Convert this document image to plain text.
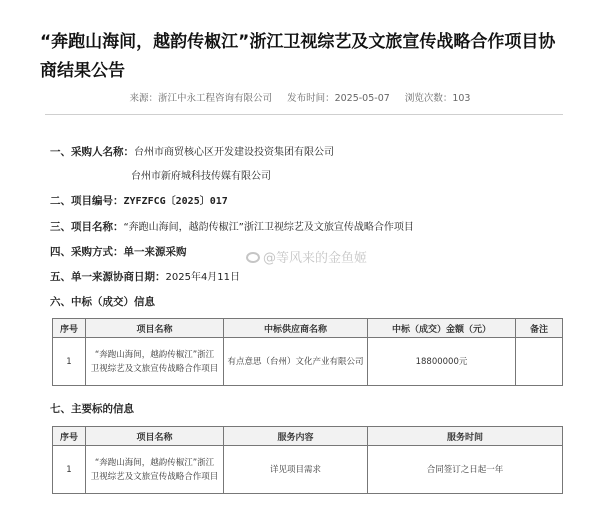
“奔跑山海间，越韵传椒江”浙江卫视综艺及文旅宣传战略合作项目协商结果公告
来源：浙江中永工程咨询有限公司 发布时间：2025-05-07 浏览次数：103
一、采购人名称：台州市商贸核心区开发建设投资集团有限公司
台州市新府城科技传媒有限公司
二、项目编号：ZYFZFCG〔2025〕017
三、项目名称：“奔跑山海间，越韵传椒江”浙江卫视综艺及文旅宣传战略合作项目
四、采购方式：单一来源采购	@等风来的金鱼姬
五、单一来源协商日期：2025年4月11日
六、中标（成交）信息
序号	项目名称	中标供应商名称	中标（成交）金额（元）	备注
1	“奔跑山海间，越韵传椒江”浙江
卫视综艺及文旅宣传战略合作项目	有点意思（台州）文化产业有限公司	18800000元	
七、主要标的信息
序号	项目名称	服务内容	服务时间
1	“奔跑山海间，越韵传椒江”浙江
卫视综艺及文旅宣传战略合作项目	详见项目需求	合同签订之日起一年
